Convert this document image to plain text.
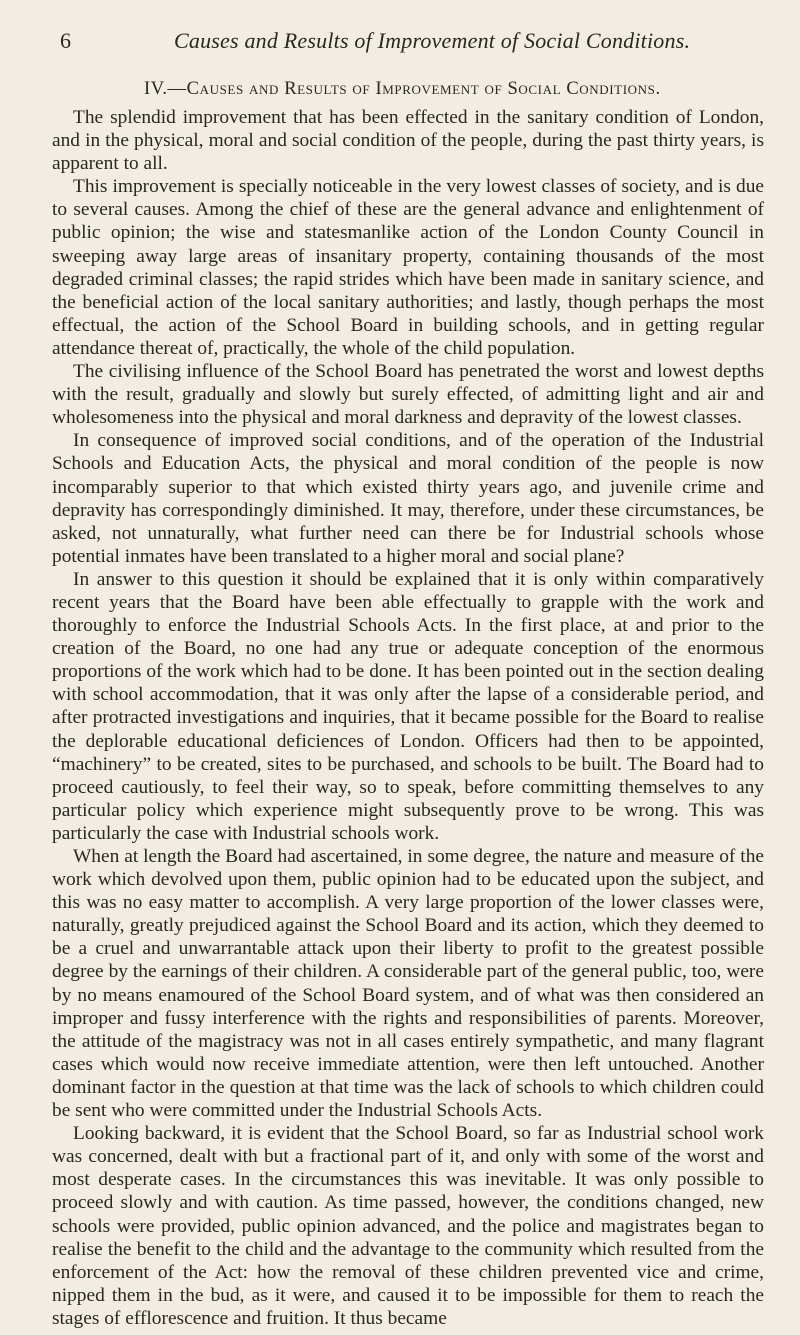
6	Causes and Results of Improvement of Social Conditions.
IV.—Causes and Results of Improvement of Social Conditions.

The splendid improvement that has been effected in the sanitary condition of London, and in the physical, moral and social condition of the people, during the past thirty years, is apparent to all.

This improvement is specially noticeable in the very lowest classes of society, and is due to several causes. Among the chief of these are the general advance and enlightenment of public opinion; the wise and statesmanlike action of the London County Council in sweeping away large areas of insanitary property, containing thousands of the most degraded criminal classes; the rapid strides which have been made in sanitary science, and the beneficial action of the local sanitary authorities; and lastly, though perhaps the most effectual, the action of the School Board in building schools, and in getting regular attendance thereat of, practically, the whole of the child population.

The civilising influence of the School Board has penetrated the worst and lowest depths with the result, gradually and slowly but surely effected, of admitting light and air and wholesomeness into the physical and moral darkness and depravity of the lowest classes.

In consequence of improved social conditions, and of the operation of the Industrial Schools and Education Acts, the physical and moral condition of the people is now incomparably superior to that which existed thirty years ago, and juvenile crime and depravity has correspondingly diminished. It may, therefore, under these circumstances, be asked, not unnaturally, what further need can there be for Industrial schools whose potential inmates have been translated to a higher moral and social plane?

In answer to this question it should be explained that it is only within comparatively recent years that the Board have been able effectually to grapple with the work and thoroughly to enforce the Industrial Schools Acts. In the first place, at and prior to the creation of the Board, no one had any true or adequate conception of the enormous proportions of the work which had to be done. It has been pointed out in the section dealing with school accommodation, that it was only after the lapse of a considerable period, and after protracted investigations and inquiries, that it became possible for the Board to realise the deplorable educational deficiences of London. Officers had then to be appointed, “machinery” to be created, sites to be purchased, and schools to be built. The Board had to proceed cautiously, to feel their way, so to speak, before committing themselves to any particular policy which experience might subsequently prove to be wrong. This was particularly the case with Industrial schools work.

When at length the Board had ascertained, in some degree, the nature and measure of the work which devolved upon them, public opinion had to be educated upon the subject, and this was no easy matter to accomplish. A very large proportion of the lower classes were, naturally, greatly prejudiced against the School Board and its action, which they deemed to be a cruel and unwarrantable attack upon their liberty to profit to the greatest possible degree by the earnings of their children. A considerable part of the general public, too, were by no means enamoured of the School Board system, and of what was then considered an improper and fussy interference with the rights and responsibilities of parents. Moreover, the attitude of the magistracy was not in all cases entirely sympathetic, and many flagrant cases which would now receive immediate attention, were then left untouched. Another dominant factor in the question at that time was the lack of schools to which children could be sent who were committed under the Industrial Schools Acts.

Looking backward, it is evident that the School Board, so far as Industrial school work was concerned, dealt with but a fractional part of it, and only with some of the worst and most desperate cases. In the circumstances this was inevitable. It was only possible to proceed slowly and with caution. As time passed, however, the conditions changed, new schools were provided, public opinion advanced, and the police and magistrates began to realise the benefit to the child and the advantage to the community which resulted from the enforcement of the Act: how the removal of these children prevented vice and crime, nipped them in the bud, as it were, and caused it to be impossible for them to reach the stages of efflorescence and fruition. It thus became
